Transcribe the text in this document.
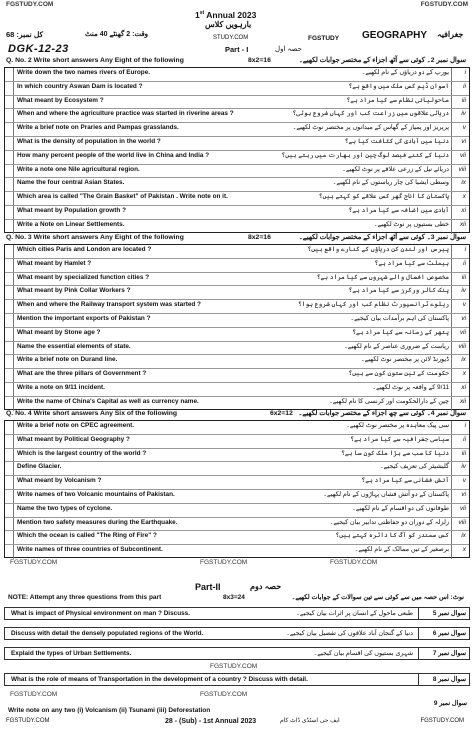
FGSTUDY.COM	FGSTUDY.COM
1st Annual 2023
بارہویں کلاس
کل نمبر: 68	وقت: 2 گھنٹے 40 منٹ	STUDY.COM
DGK-12-23	Part - I	حصہ اول
FGSTUDY GEOGRAPHY جغرافیہ
Q. No. 2 Write short answers Any Eight of the following	8x2=16	سوال نمبر 2۔ کوئی سے آٹھ اجزاء کے مختصر جوابات لکھیے۔
Write down the two names rivers of Europe.	یورپ کے دو دریاؤں کے نام لکھیے۔ i
In which country Aswan Dam is located ?	اسوان ڈیم کس ملک میں واقع ہے؟ ii
What meant by Ecosystem ?	ماحولیاتی نظام سے کیا مراد ہے؟ iii
When and where the agriculture practice was started in riverine areas ?	دریائی علاقوں میں زراعت کب اور کہاں شروع ہوئی؟ iv
Write a brief note on Praries and Pampas grasslands.	پریریز اور پمپاز کے گھاس کے میدانوں پر مختصر نوٹ لکھیے۔ v
What is the density of population in the world ?	دنیا میں آبادی کی کثافت کیا ہے؟ vi
How many percent people of the world live in China and India ?	دنیا کے کتنے فیصد لوگ چین اور بھارت میں رہتے ہیں؟ vii
Write a note one Nile agricultural region.	دریائے نیل کے زرعی علاقے پر نوٹ لکھیے۔ viii
Name the four central Asian States.	وسطی ایشیا کی چار ریاستوں کے نام لکھیے۔ ix
Which area is called "The Grain Basket" of Pakistan . Write note on it.	پاکستان کا اناج گھر کس علاقے کو کہتے ہیں؟ x
What meant by Population growth ?	آبادی میں اضافہ سے کیا مراد ہے؟ xi
Write a Note on Linear Settlements.	خطی بستیوں پر نوٹ لکھیے۔ xii
Q. No. 3 Write short answers Any Eight of the following	8x2=16	سوال نمبر 3۔ کوئی سے آٹھ اجزاء کے مختصر جوابات لکھیے۔
Which cities Paris and London are located ?	پیرس اور لندن کن دریاؤں کے کنارے واقع ہیں؟ i
What meant by Hamlet ?	ہیملٹ سے کیا مراد ہے؟ ii
What meant by specialized function cities ?	مخصوص افعال والے شہروں سے کیا مراد ہے؟ iii
What meant by Pink Collar Workers ?	پنک کالر ورکرز سے کیا مراد ہے؟ iv
When and where the Railway transport system was started ?	ریلوے ٹرانسپورٹ نظام کب اور کہاں شروع ہوا؟ v
Mention the important exports of Pakistan ?	پاکستان کی اہم برآمدات بیان کیجیے۔ vi
What meant by Stone age ?	پتھر کے زمانہ سے کیا مراد ہے؟ vii
Name the essential elements of state.	ریاست کے ضروری عناصر کے نام لکھیے۔ viii
Write a brief note on Durand line.	ڈیورنڈ لائن پر مختصر نوٹ لکھیے۔ ix
What are the three pillars of Government ?	حکومت کے تین ستون کون سے ہیں؟ x
Write a note on 9/11 incident.	9/11 کے واقعہ پر نوٹ لکھیے۔ xi
Write the name of China's Capital as well as currency name.	چین کے دارالحکومت اور کرنسی کا نام لکھیے۔ xii
Q. No. 4 Write short answers Any Six of the following	6x2=12 سوال نمبر 4۔ کوئی سے چھ اجزاء کے مختصر جوابات لکھیے۔
Write a brief note on CPEC agreement.	سی پیک معاہدہ پر مختصر نوٹ لکھیے۔ i
What meant by Political Geography ?	سیاسی جغرافیہ سے کیا مراد ہے؟ ii
Which is the largest country of the world ?	دنیا کا سب سے بڑا ملک کون سا ہے؟ iii
Define Glacier.	گلیشیئر کی تعریف کیجیے۔ iv
What meant by Volcanism ?	آتش فشانی سے کیا مراد ہے؟ v
Write names of two Volcanic mountains of Pakistan.	پاکستان کے دو آتش فشاں پہاڑوں کے نام لکھیے۔ vi
Name the two types of cyclone.	طوفانوں کی دو اقسام کے نام لکھیے۔ vii
Mention two safety measures during the Earthquake.	زلزلہ کے دوران دو حفاظتی تدابیر بیان کیجیے۔ viii
Which the ocean is called "The Ring of Fire" ?	کس سمندر کو آگ کا دائرہ کہتے ہیں؟ ix
Write names of three countries of Subcontinent.	برصغیر کے تین ممالک کے نام لکھیے۔ x
FGSTUDY.COM	FGSTUDY.COM	FGSTUDY.COM
Part-II	حصہ دوم
NOTE: Attempt any three questions from this part	8x3=24	نوٹ: اس حصہ میں سے کوئی سے تین سوالات کے جوابات لکھیے۔
What is impact of Physical environment on man ? Discuss.	طبعی ماحول کے انسان پر اثرات بیان کیجیے۔	سوال نمبر 5
Discuss with detail the densely populated regions of the World.	دنیا کے گنجان آباد علاقوں کی تفصیل بیان کیجیے۔	سوال نمبر 6
Explaid the types of Urban Settlements.	شہری بستیوں کی اقسام بیان کیجیے۔	سوال نمبر 7
FGSTUDY.COM
What is the role of means of Transportation in the development of a country ? Discuss with detail.	سوال نمبر 8
FGSTUDY.COM	FGSTUDY.COM
سوال نمبر 9
Write note on any two (i) Volcanism (ii) Tsunami (iii) Deforestation
FGSTUDY.COM	28 - (Sub) - 1st Annual 2023	ایف جی اسٹڈی ڈاٹ کام	FGSTUDY.COM
